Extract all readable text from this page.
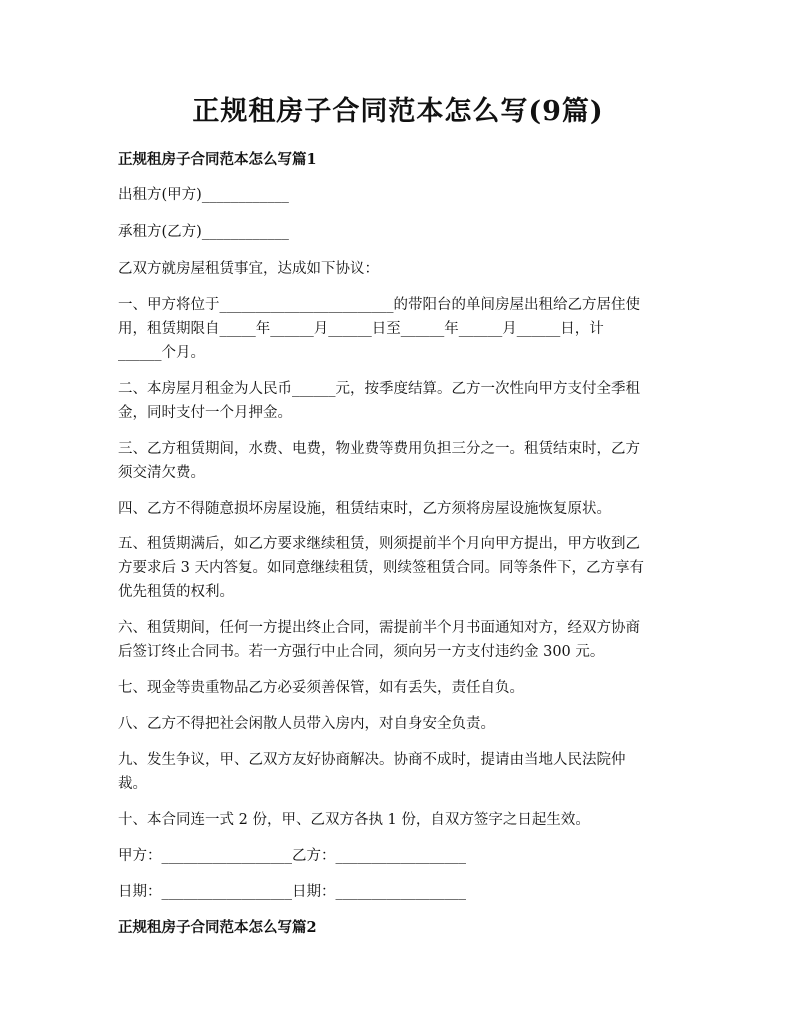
正规租房子合同范本怎么写(9篇)
正规租房子合同范本怎么写篇1
出租方(甲方)____________
承租方(乙方)____________
乙双方就房屋租赁事宜，达成如下协议：
一、甲方将位于________________________的带阳台的单间房屋出租给乙方居住使
用，租赁期限自_____年______月______日至______年______月______日，计
______个月。
二、本房屋月租金为人民币______元，按季度结算。乙方一次性向甲方支付全季租
金，同时支付一个月押金。
三、乙方租赁期间，水费、电费，物业费等费用负担三分之一。租赁结束时，乙方
须交清欠费。
四、乙方不得随意损坏房屋设施，租赁结束时，乙方须将房屋设施恢复原状。
五、租赁期满后，如乙方要求继续租赁，则须提前半个月向甲方提出，甲方收到乙
方要求后 3 天内答复。如同意继续租赁，则续签租赁合同。同等条件下，乙方享有
优先租赁的权利。
六、租赁期间，任何一方提出终止合同，需提前半个月书面通知对方，经双方协商
后签订终止合同书。若一方强行中止合同，须向另一方支付违约金 300 元。
七、现金等贵重物品乙方必妥须善保管，如有丢失，责任自负。
八、乙方不得把社会闲散人员带入房内，对自身安全负责。
九、发生争议，甲、乙双方友好协商解决。协商不成时，提请由当地人民法院仲
裁。
十、本合同连一式 2 份，甲、乙双方各执 1 份，自双方签字之日起生效。
甲方：__________________乙方：__________________
日期：__________________日期：__________________
正规租房子合同范本怎么写篇2
